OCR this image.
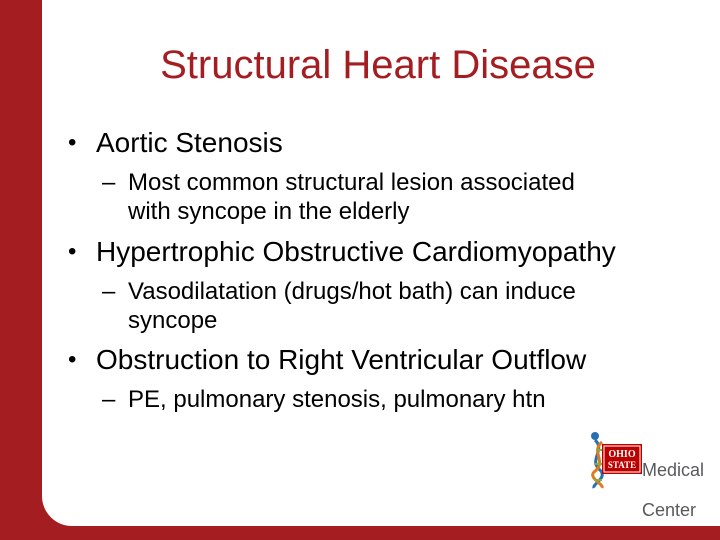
Structural Heart Disease
• Aortic Stenosis
– Most common structural lesion associated
with syncope in the elderly
• Hypertrophic Obstructive Cardiomyopathy
– Vasodilatation (drugs/hot bath) can induce
syncope
• Obstruction to Right Ventricular Outflow
– PE, pulmonary stenosis, pulmonary htn
OHIO
STATE Medical

Center
